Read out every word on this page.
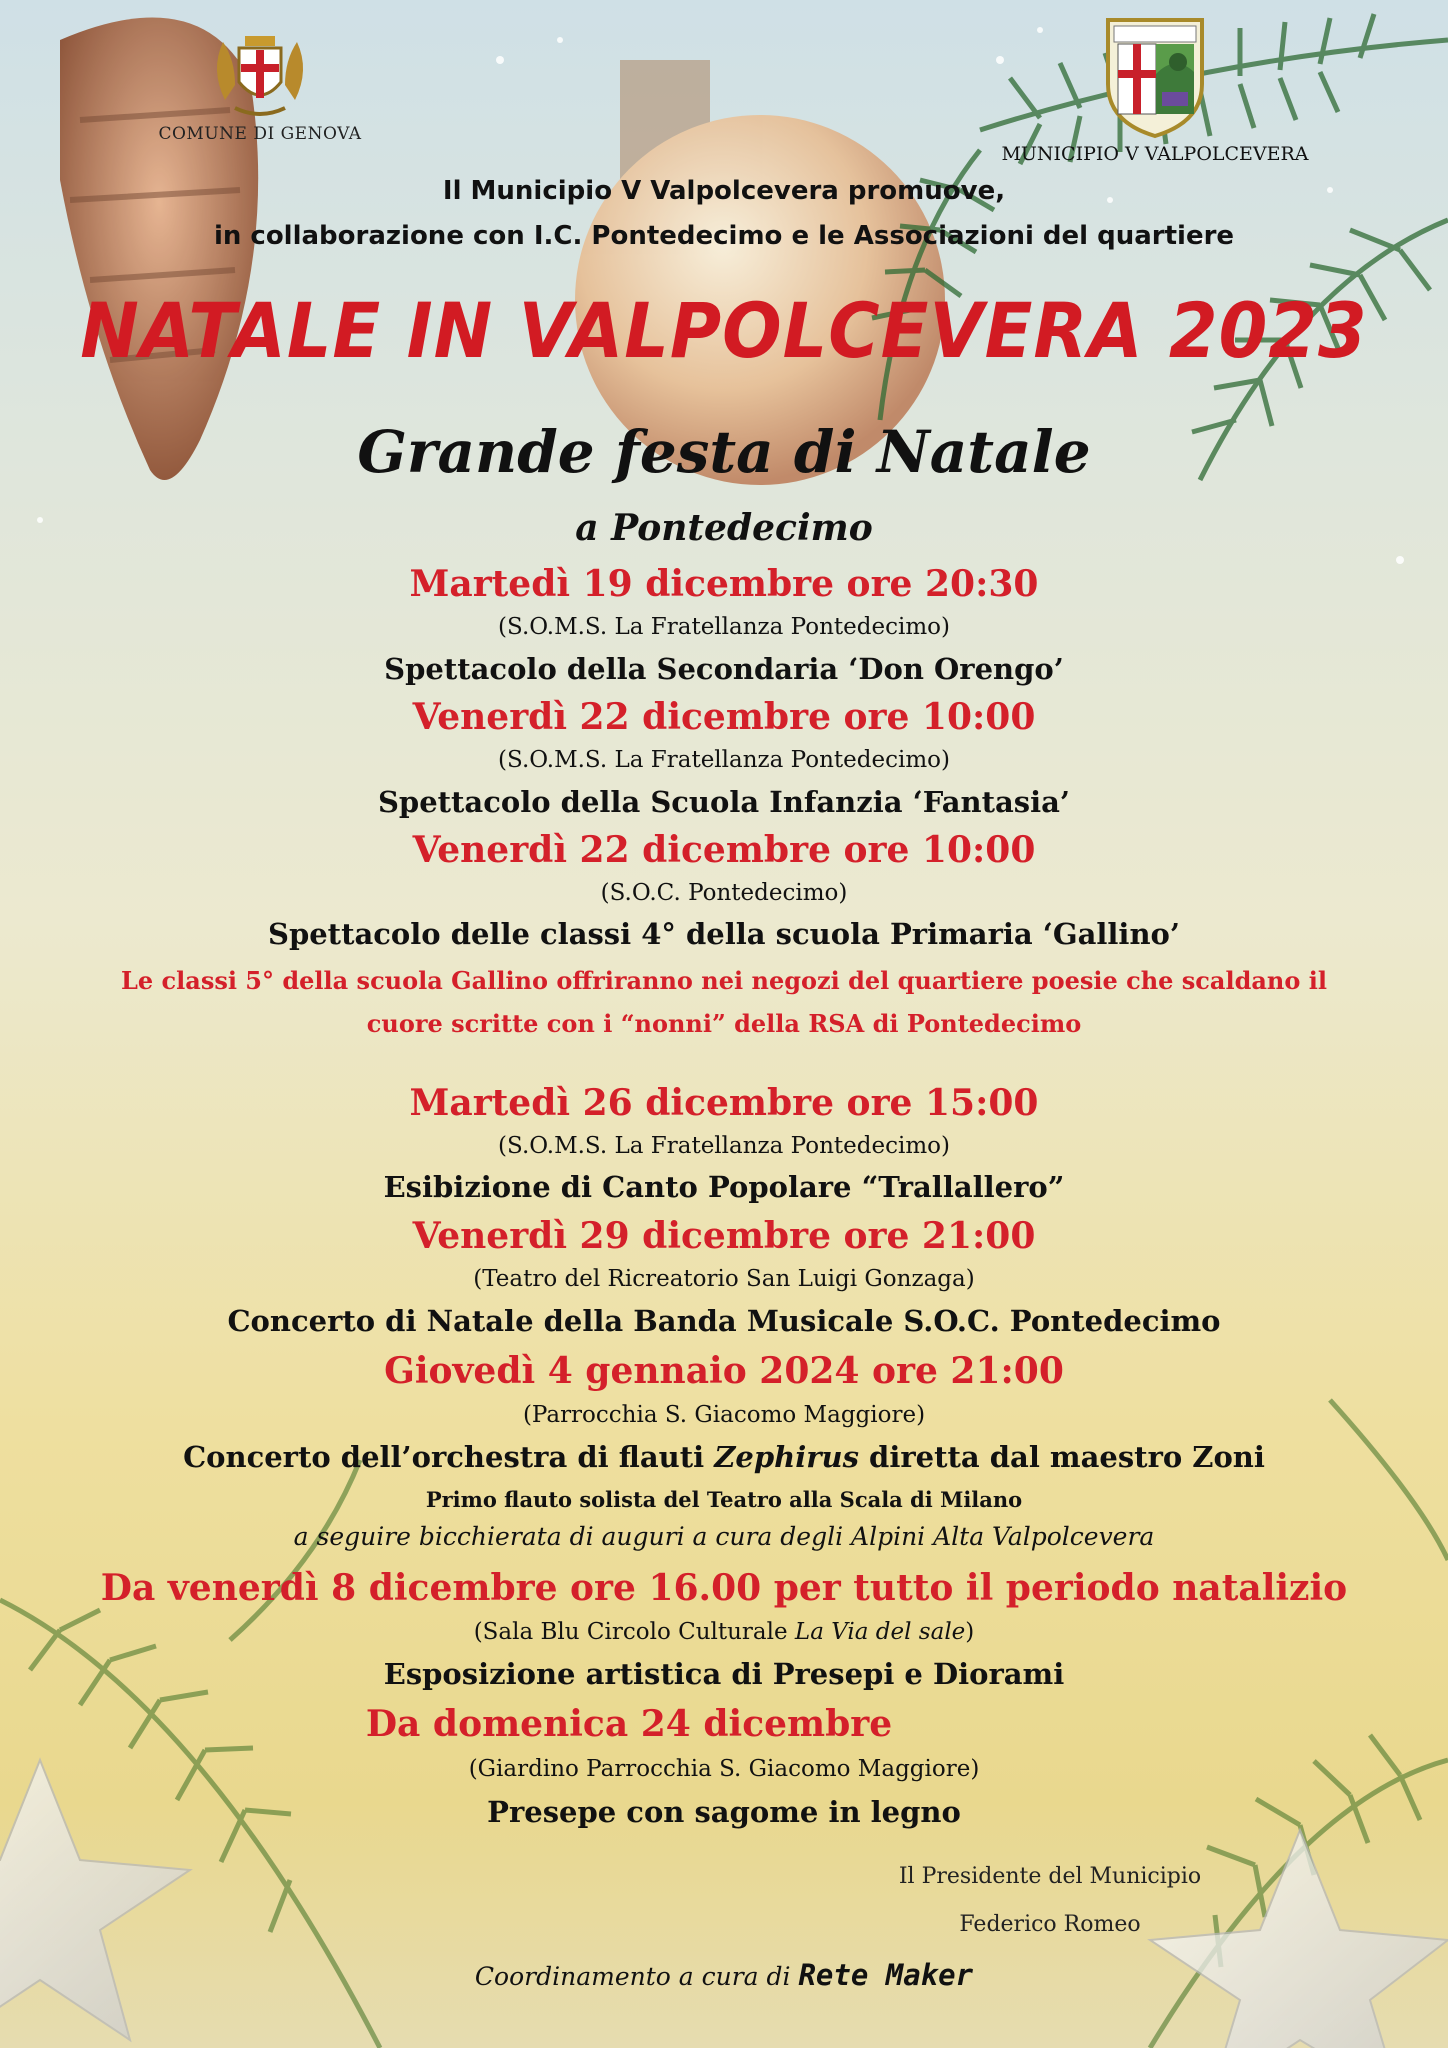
COMUNE DI GENOVA
MUNICIPIO V VALPOLCEVERA

Il Municipio V Valpolcevera promuove,

in collaborazione con I.C. Pontedecimo e le Associazioni del quartiere

NATALE IN VALPOLCEVERA 2023

Grande festa di Natale

a Pontedecimo

Martedì 19 dicembre ore 20:30

(S.O.M.S. La Fratellanza Pontedecimo)

Spettacolo della Secondaria ‘Don Orengo’

Venerdì 22 dicembre ore 10:00

(S.O.M.S. La Fratellanza Pontedecimo)

Spettacolo della Scuola Infanzia ‘Fantasia’

Venerdì 22 dicembre ore 10:00

(S.O.C. Pontedecimo)

Spettacolo delle classi 4° della scuola Primaria ‘Gallino’

Le classi 5° della scuola Gallino offriranno nei negozi del quartiere poesie che scaldano il

cuore scritte con i “nonni” della RSA di Pontedecimo

Martedì 26 dicembre ore 15:00

(S.O.M.S. La Fratellanza Pontedecimo)

Esibizione di Canto Popolare “Trallallero”

Venerdì 29 dicembre ore 21:00

(Teatro del Ricreatorio San Luigi Gonzaga)

Concerto di Natale della Banda Musicale S.O.C. Pontedecimo

Giovedì 4 gennaio 2024 ore 21:00

(Parrocchia S. Giacomo Maggiore)

Concerto dell’orchestra di flauti Zephirus diretta dal maestro Zoni

Primo flauto solista del Teatro alla Scala di Milano

a seguire bicchierata di auguri a cura degli Alpini Alta Valpolcevera

Da venerdì 8 dicembre ore 16.00 per tutto il periodo natalizio

(Sala Blu Circolo Culturale La Via del sale)

Esposizione artistica di Presepi e Diorami

Da domenica 24 dicembre

(Giardino Parrocchia S. Giacomo Maggiore)

Presepe con sagome in legno

Il Presidente del Municipio
Federico Romeo
Coordinamento a cura di Rete Maker
